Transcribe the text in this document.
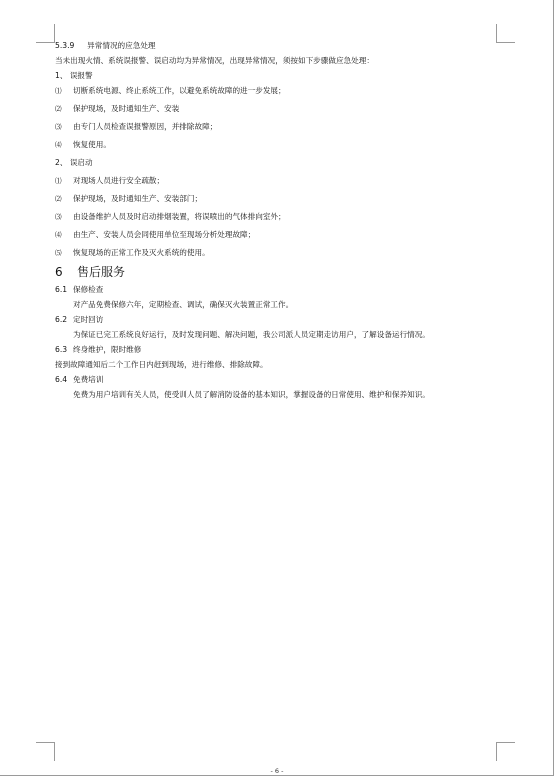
5.3.9 异常情况的应急处理
当未出现火情、系统误报警、误启动均为异常情况，出现异常情况，须按如下步骤做应急处理：
1、 误报警
⑴ 切断系统电源、终止系统工作，以避免系统故障的进一步发展；
⑵ 保护现场，及时通知生产、安装
⑶ 由专门人员检查误报警原因，并排除故障；
⑷ 恢复使用。
2、 误启动
⑴ 对现场人员进行安全疏散；
⑵ 保护现场，及时通知生产、安装部门；
⑶ 由设备维护人员及时启动排烟装置，将误喷出的气体排向室外；
⑷ 由生产、安装人员会同使用单位至现场分析处理故障；
⑸ 恢复现场的正常工作及灭火系统的使用。
6 售后服务
6.1 保修检查
对产品免费保修六年，定期检查、调试，确保灭火装置正常工作。
6.2 定时回访
为保证已完工系统良好运行，及时发现问题、解决问题，我公司派人员定期走访用户，了解设备运行情况。
6.3 终身维护，限时维修
接到故障通知后二个工作日内赶到现场，进行维修、排除故障。
6.4 免费培训
免费为用户培训有关人员，使受训人员了解消防设备的基本知识，掌握设备的日常使用、维护和保养知识。
- 6 -
